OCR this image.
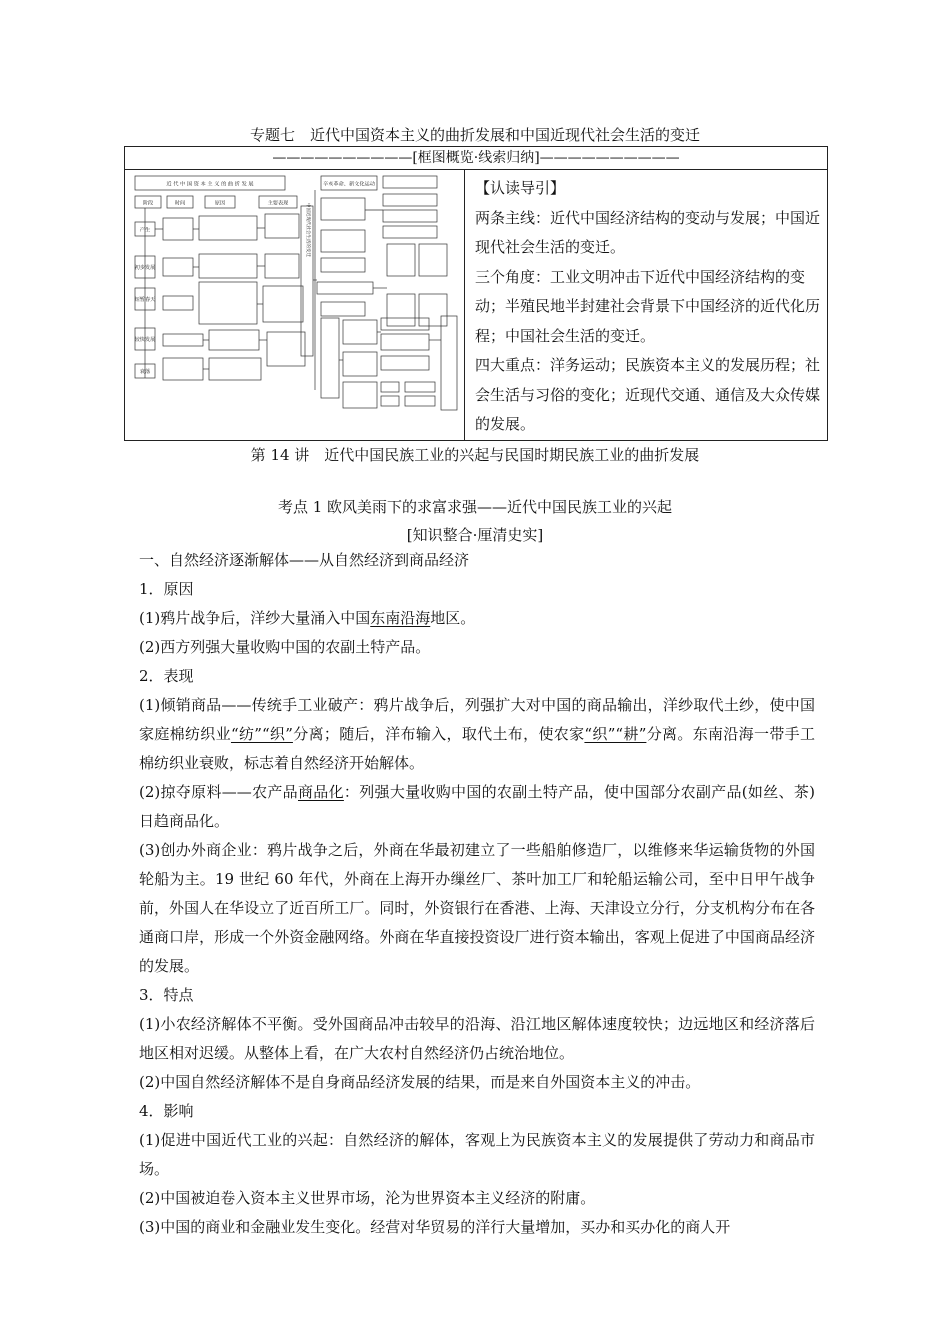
专题七　近代中国资本主义的曲折发展和中国近现代社会生活的变迁
——————————[框图概览·线索归纳]——————————

近 代 中 国 资 本 主 义 的 曲 折 发 展
阶段	时间	原因	主要表现
产生
初步发展
短暂春天
较快发展
衰落
中国近现代社会生活的变迁
辛亥革命、新文化运动	【认读导引】

两条主线：近代中国经济结构的变动与发展；中国近现代社会生活的变迁。

三个角度：工业文明冲击下近代中国经济结构的变动；半殖民地半封建社会背景下中国经济的近代化历程；中国社会生活的变迁。

四大重点：洋务运动；民族资本主义的发展历程；社会生活与习俗的变化；近现代交通、通信及大众传媒的发展。

第 14 讲　近代中国民族工业的兴起与民国时期民族工业的曲折发展
考点 1 欧风美雨下的求富求强——近代中国民族工业的兴起
[知识整合·厘清史实]

一、自然经济逐渐解体——从自然经济到商品经济

1．原因

(1)鸦片战争后，洋纱大量涌入中国东南沿海地区。

(2)西方列强大量收购中国的农副土特产品。

2．表现

(1)倾销商品——传统手工业破产：鸦片战争后，列强扩大对中国的商品输出，洋纱取代土纱，使中国家庭棉纺织业“纺”“织”分离；随后，洋布输入，取代土布，使农家“织”“耕”分离。东南沿海一带手工棉纺织业衰败，标志着自然经济开始解体。

(2)掠夺原料——农产品商品化：列强大量收购中国的农副土特产品，使中国部分农副产品(如丝、茶)日趋商品化。

(3)创办外商企业：鸦片战争之后，外商在华最初建立了一些船舶修造厂，以维修来华运输货物的外国轮船为主。19 世纪 60 年代，外商在上海开办缫丝厂、茶叶加工厂和轮船运输公司，至中日甲午战争前，外国人在华设立了近百所工厂。同时，外资银行在香港、上海、天津设立分行，分支机构分布在各通商口岸，形成一个外资金融网络。外商在华直接投资设厂进行资本输出，客观上促进了中国商品经济的发展。

3．特点

(1)小农经济解体不平衡。受外国商品冲击较早的沿海、沿江地区解体速度较快；边远地区和经济落后地区相对迟缓。从整体上看，在广大农村自然经济仍占统治地位。

(2)中国自然经济解体不是自身商品经济发展的结果，而是来自外国资本主义的冲击。

4．影响

(1)促进中国近代工业的兴起：自然经济的解体，客观上为民族资本主义的发展提供了劳动力和商品市场。

(2)中国被迫卷入资本主义世界市场，沦为世界资本主义经济的附庸。

(3)中国的商业和金融业发生变化。经营对华贸易的洋行大量增加，买办和买办化的商人开
